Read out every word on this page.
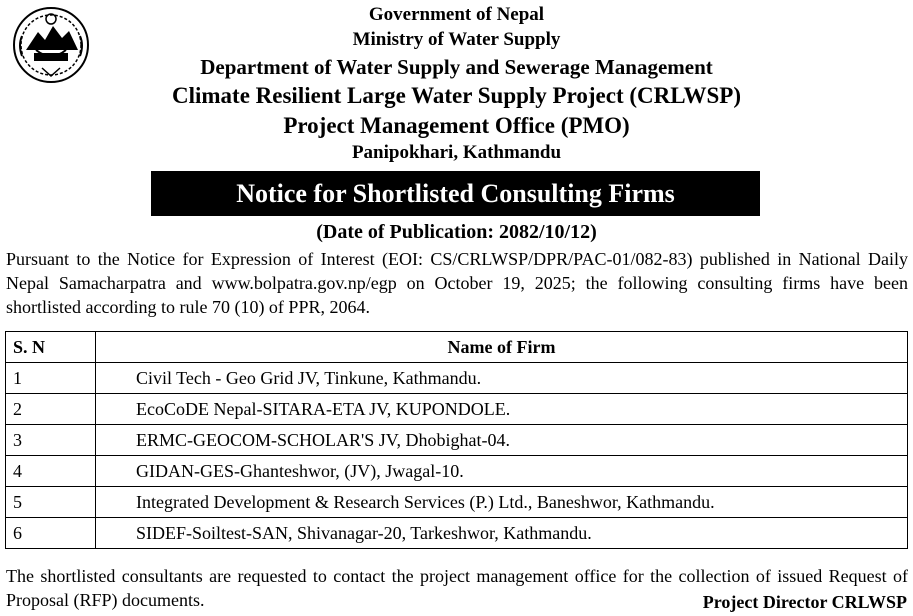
Government of Nepal
Ministry of Water Supply
Department of Water Supply and Sewerage Management
Climate Resilient Large Water Supply Project (CRLWSP)
Project Management Office (PMO)
Panipokhari, Kathmandu
Notice for Shortlisted Consulting Firms
(Date of Publication: 2082/10/12)
Pursuant to the Notice for Expression of Interest (EOI: CS/CRLWSP/DPR/PAC-01/082-83) published in National Daily Nepal Samacharpatra and www.bolpatra.gov.np/egp on October 19, 2025; the following consulting firms have been shortlisted according to rule 70 (10) of PPR, 2064.
S. N	Name of Firm
1	Civil Tech - Geo Grid JV, Tinkune, Kathmandu.
2	EcoCoDE Nepal-SITARA-ETA JV, KUPONDOLE.
3	ERMC-GEOCOM-SCHOLAR'S JV, Dhobighat-04.
4	GIDAN-GES-Ghanteshwor, (JV), Jwagal-10.
5	Integrated Development & Research Services (P.) Ltd., Baneshwor, Kathmandu.
6	SIDEF-Soiltest-SAN, Shivanagar-20, Tarkeshwor, Kathmandu.
The shortlisted consultants are requested to contact the project management office for the collection of issued Request of Proposal (RFP) documents.	Project Director CRLWSP
